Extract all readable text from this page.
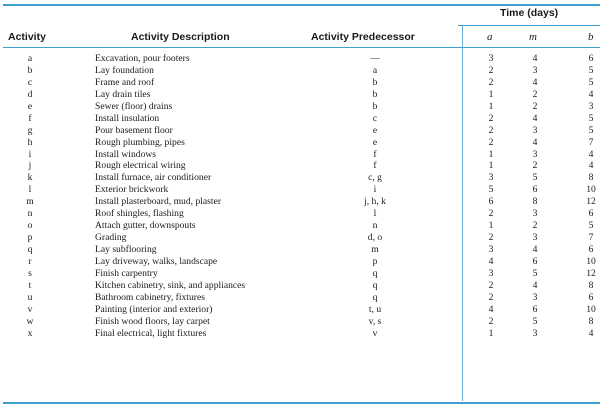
Time (days)
Activity	Activity Description	Activity Predecessor	a	m	b
a	Excavation, pour footers	—	3	4	6
b	Lay foundation	a	2	3	5
c	Frame and roof	b	2	4	5
d	Lay drain tiles	b	1	2	4
e	Sewer (floor) drains	b	1	2	3
f	Install insulation	c	2	4	5
g	Pour basement floor	e	2	3	5
h	Rough plumbing, pipes	e	2	4	7
i	Install windows	f	1	3	4
j	Rough electrical wiring	f	1	2	4
k	Install furnace, air conditioner	c, g	3	5	8
l	Exterior brickwork	i	5	6	10
m	Install plasterboard, mud, plaster	j, h, k	6	8	12
n	Roof shingles, flashing	l	2	3	6
o	Attach gutter, downspouts	n	1	2	5
p	Grading	d, o	2	3	7
q	Lay subflooring	m	3	4	6
r	Lay driveway, walks, landscape	p	4	6	10
s	Finish carpentry	q	3	5	12
t	Kitchen cabinetry, sink, and appliances	q	2	4	8
u	Bathroom cabinetry, fixtures	q	2	3	6
v	Painting (interior and exterior)	t, u	4	6	10
w	Finish wood floors, lay carpet	v, s	2	5	8
x	Final electrical, light fixtures	v	1	3	4
